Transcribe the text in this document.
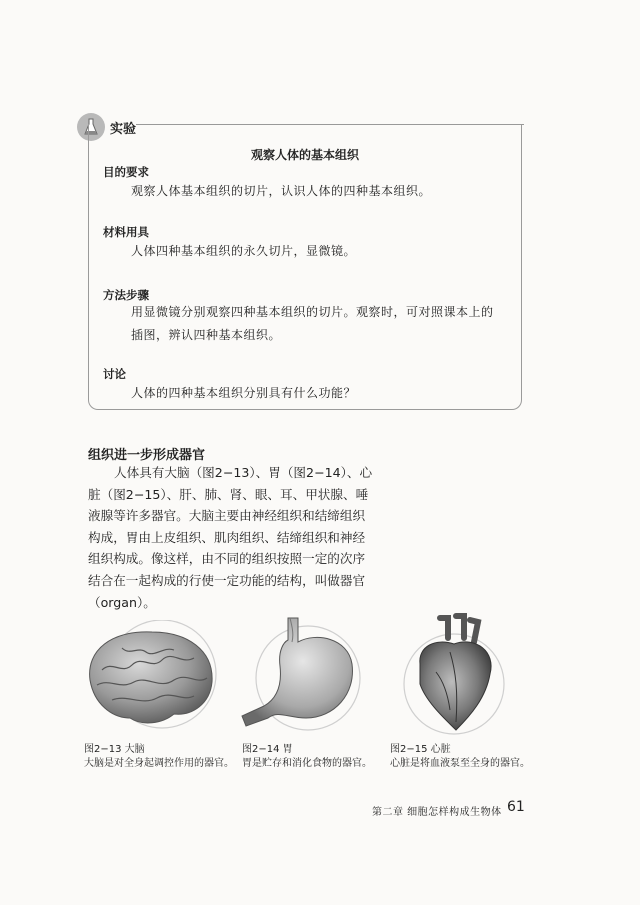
实验
观察人体的基本组织
目的要求
观察人体基本组织的切片，认识人体的四种基本组织。
材料用具
人体四种基本组织的永久切片，显微镜。
方法步骤
用显微镜分别观察四种基本组织的切片。观察时，可对照课本上的
插图，辨认四种基本组织。
讨论
人体的四种基本组织分别具有什么功能？
组织进一步形成器官
人体具有大脑（图2−13）、胃（图2−14）、心
脏（图2−15）、肝、肺、肾、眼、耳、甲状腺、唾
液腺等许多器官。大脑主要由神经组织和结缔组织
构成，胃由上皮组织、肌肉组织、结缔组织和神经
组织构成。像这样，由不同的组织按照一定的次序
结合在一起构成的行使一定功能的结构，叫做器官
（organ）。
图2−13 大脑
大脑是对全身起调控作用的器官。
图2−14 胃
胃是贮存和消化食物的器官。
图2−15 心脏
心脏是将血液泵至全身的器官。
第二章 细胞怎样构成生物体 61
